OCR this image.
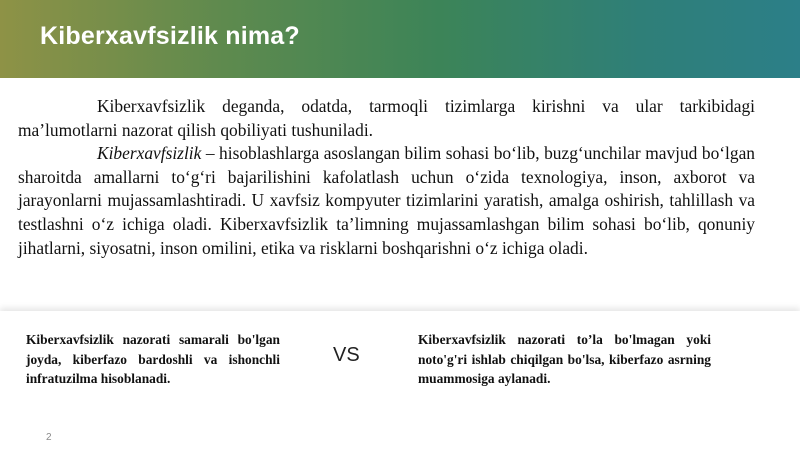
Kiberxavfsizlik nima?

Kiberxavfsizlik deganda, odatda, tarmoqli tizimlarga kirishni va ular tarkibidagi ma’lumotlarni nazorat qilish qobiliyati tushuniladi.

Kiberxavfsizlik – hisoblashlarga asoslangan bilim sohasi bo‘lib, buzg‘unchilar mavjud bo‘lgan sharoitda amallarni to‘g‘ri bajarilishini kafolatlash uchun o‘zida texnologiya, inson, axborot va jarayonlarni mujassamlashtiradi. U xavfsiz kompyuter tizimlarini yaratish, amalga oshirish, tahlillash va testlashni o‘z ichiga oladi. Kiberxavfsizlik ta’limning mujassamlashgan bilim sohasi bo‘lib, qonuniy jihatlarni, siyosatni, inson omilini, etika va risklarni boshqarishni o‘z ichiga oladi.

Kiberxavfsizlik nazorati samarali bo'lgan joyda, kiberfazo bardoshli va ishonchli infratuzilma hisoblanadi.
VS
Kiberxavfsizlik nazorati to’la bo'lmagan yoki noto'g'ri ishlab chiqilgan bo'lsa, kiberfazo asrning muammosiga aylanadi.
2
